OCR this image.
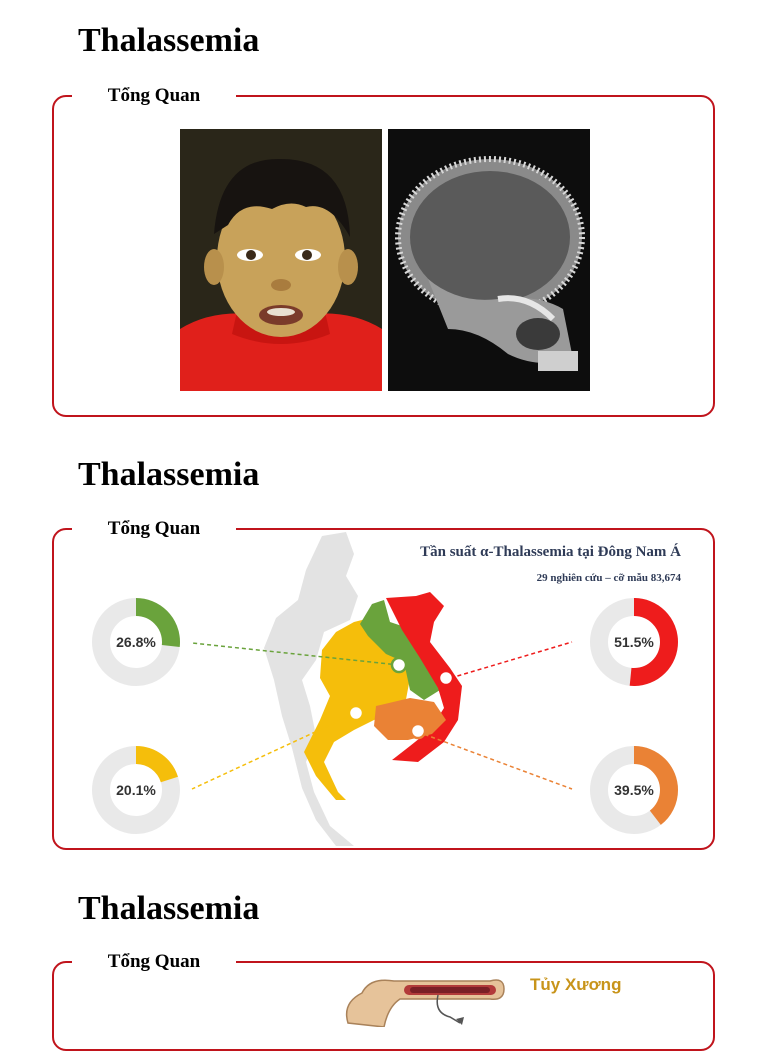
Thalassemia
Tổng Quan
Thalassemia
Tổng Quan
Tần suất α-Thalassemia tại Đông Nam Á
29 nghiên cứu – cỡ mẫu 83,674
26.8%	51.5%
20.1%	39.5%
Thalassemia
Tổng Quan
Tủy Xương
